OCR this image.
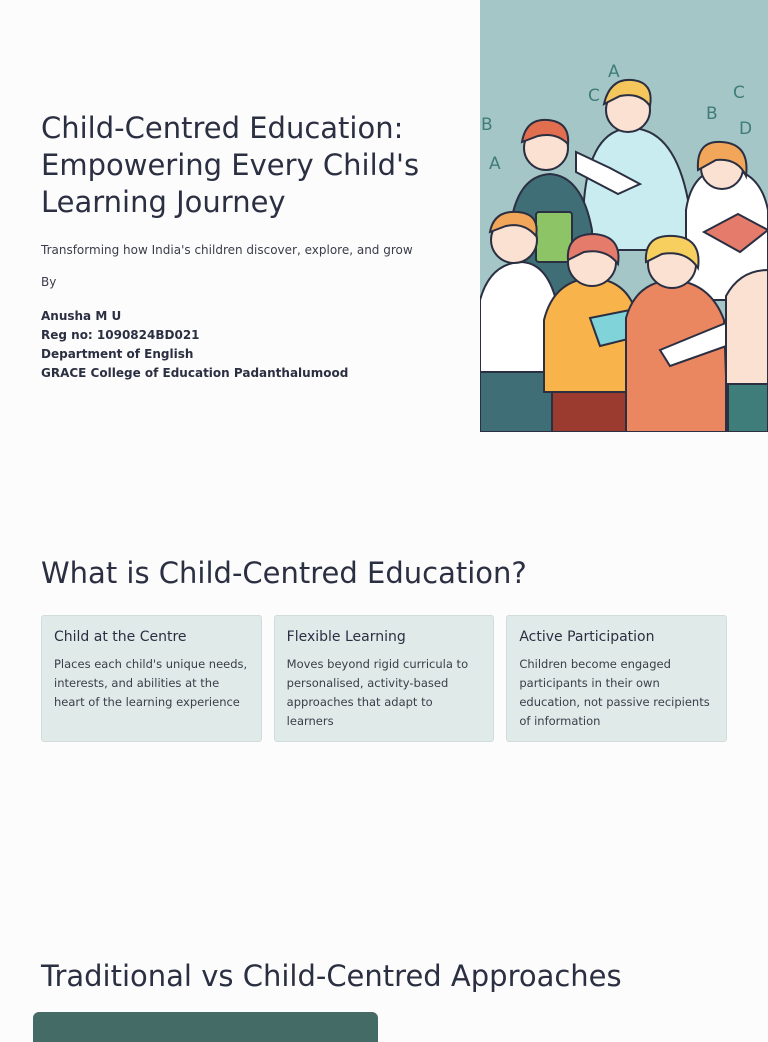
Child-Centred Education: Empowering Every Child's Learning Journey

Transforming how India's children discover, explore, and grow

By

Anusha M U
Reg no: 1090824BD021
Department of English
GRACE College of Education Padanthalumood
A
C
B
A
B
C
D
What is Child-Centred Education?

Child at the Centre

Places each child's unique needs, interests, and abilities at the heart of the learning experience

Flexible Learning

Moves beyond rigid curricula to personalised, activity-based approaches that adapt to learners

Active Participation

Children become engaged participants in their own education, not passive recipients of information

Traditional vs Child-Centred Approaches
